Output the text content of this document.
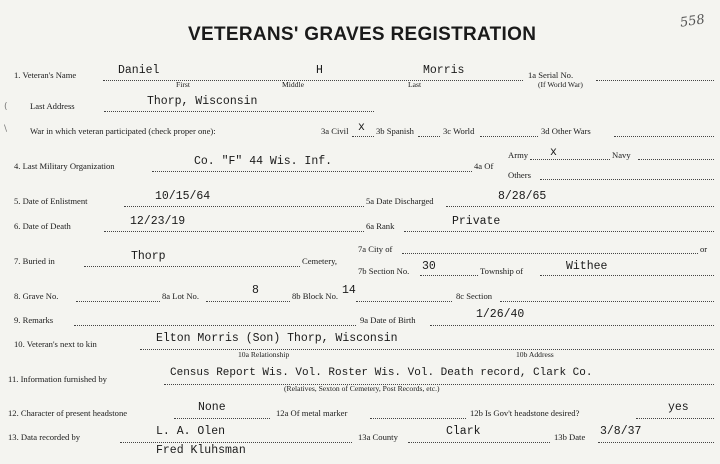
558
VETERANS' GRAVES REGISTRATION
(
\
1. Veteran's Name	Daniel	H	Morris
First	Middle	Last
1a Serial No.
(If World War)
Last Address	Thorp, Wisconsin
War in which veteran participated (check proper one):	3a Civil x 3b Spanish	3c World	3d Other Wars
4. Last Military Organization	Co. "F" 44 Wis. Inf.	4a Of
Army x	Navy
Others
5. Date of Enlistment	10/15/64	5a Date Discharged	8/28/65
6. Date of Death	12/23/19	6a Rank	Private
7. Buried in	Thorp	Cemetery,
7a City of	or
7b Section No. 30	Township of	Withee
8. Grave No.	8a Lot No.	8	8b Block No. 14	8c Section
9. Remarks	9a Date of Birth	1/26/40
10. Veteran's next to kin	Elton Morris (Son) Thorp, Wisconsin
10a Relationship	10b Address
11. Information furnished by	Census Report Wis. Vol. Roster Wis. Vol. Death record, Clark Co.
(Relatives, Sexton of Cemetery, Post Records, etc.)
12. Character of present headstone	None	12a Of metal marker	12b Is Gov't headstone desired?	yes
13. Data recorded by	L. A. Olen
Fred Kluhsman
13a County	Clark	13b Date 3/8/37
